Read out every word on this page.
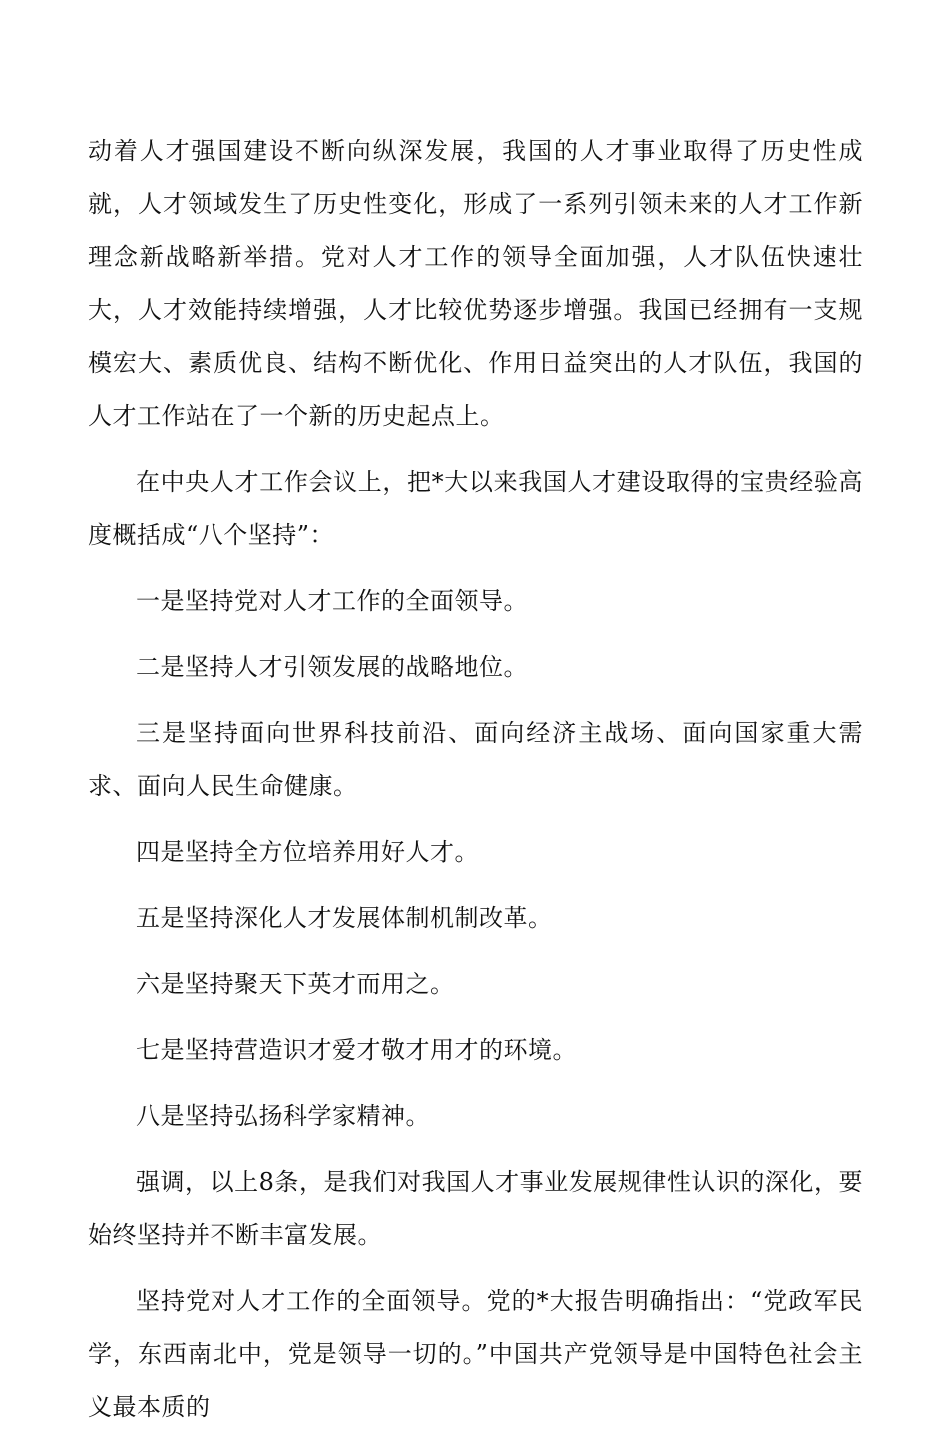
动着人才强国建设不断向纵深发展，我国的人才事业取得了历史性成就，人才领域发生了历史性变化，形成了一系列引领未来的人才工作新理念新战略新举措。党对人才工作的领导全面加强，人才队伍快速壮大，人才效能持续增强，人才比较优势逐步增强。我国已经拥有一支规模宏大、素质优良、结构不断优化、作用日益突出的人才队伍，我国的人才工作站在了一个新的历史起点上。

在中央人才工作会议上，把*大以来我国人才建设取得的宝贵经验高度概括成“八个坚持”：

一是坚持党对人才工作的全面领导。

二是坚持人才引领发展的战略地位。

三是坚持面向世界科技前沿、面向经济主战场、面向国家重大需求、面向人民生命健康。

四是坚持全方位培养用好人才。

五是坚持深化人才发展体制机制改革。

六是坚持聚天下英才而用之。

七是坚持营造识才爱才敬才用才的环境。

八是坚持弘扬科学家精神。

强调，以上8条，是我们对我国人才事业发展规律性认识的深化，要始终坚持并不断丰富发展。

坚持党对人才工作的全面领导。党的*大报告明确指出：“党政军民学，东西南北中，党是领导一切的。”中国共产党领导是中国特色社会主义最本质的
